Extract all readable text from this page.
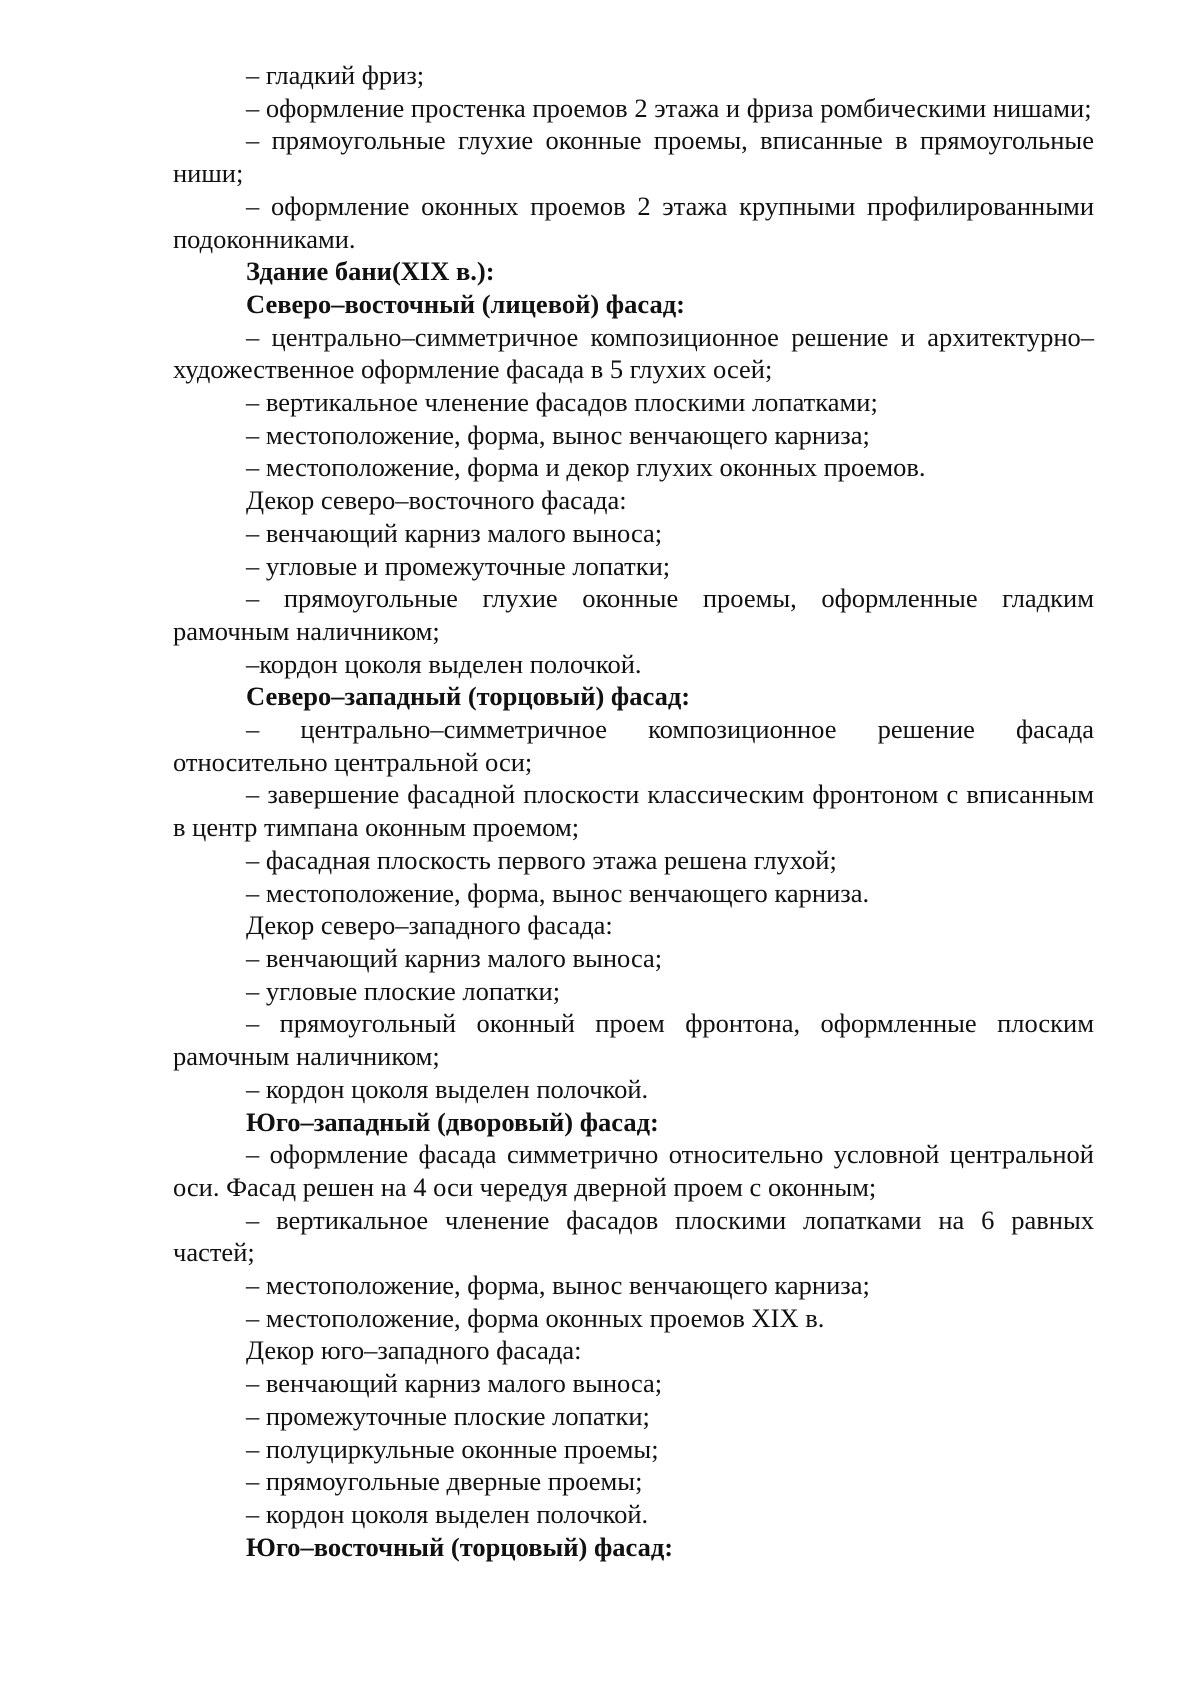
– гладкий фриз;

– оформление простенка проемов 2 этажа и фриза ромбическими нишами;

– прямоугольные глухие оконные проемы, вписанные в прямоугольные ниши;

– оформление оконных проемов 2 этажа крупными профилированными подоконниками.

Здание бани(XIX в.):

Северо–восточный (лицевой) фасад:

– центрально–симметричное композиционное решение и архитектурно–художественное оформление фасада в 5 глухих осей;

– вертикальное членение фасадов плоскими лопатками;

– местоположение, форма, вынос венчающего карниза;

– местоположение, форма и декор глухих оконных проемов.

Декор северо–восточного фасада:

– венчающий карниз малого выноса;

– угловые и промежуточные лопатки;

– прямоугольные глухие оконные проемы, оформленные гладким рамочным наличником;

–кордон цоколя выделен полочкой.

Северо–западный (торцовый) фасад:

– центрально–симметричное композиционное решение фасада относительно центральной оси;

– завершение фасадной плоскости классическим фронтоном с вписанным в центр тимпана оконным проемом;

– фасадная плоскость первого этажа решена глухой;

– местоположение, форма, вынос венчающего карниза.

Декор северо–западного фасада:

– венчающий карниз малого выноса;

– угловые плоские лопатки;

– прямоугольный оконный проем фронтона, оформленные плоским рамочным наличником;

– кордон цоколя выделен полочкой.

Юго–западный (дворовый) фасад:

– оформление фасада симметрично относительно условной центральной оси. Фасад решен на 4 оси чередуя дверной проем с оконным;

– вертикальное членение фасадов плоскими лопатками на 6 равных частей;

– местоположение, форма, вынос венчающего карниза;

– местоположение, форма оконных проемов XIX в.

Декор юго–западного фасада:

– венчающий карниз малого выноса;

– промежуточные плоские лопатки;

– полуциркульные оконные проемы;

– прямоугольные дверные проемы;

– кордон цоколя выделен полочкой.

Юго–восточный (торцовый) фасад:
